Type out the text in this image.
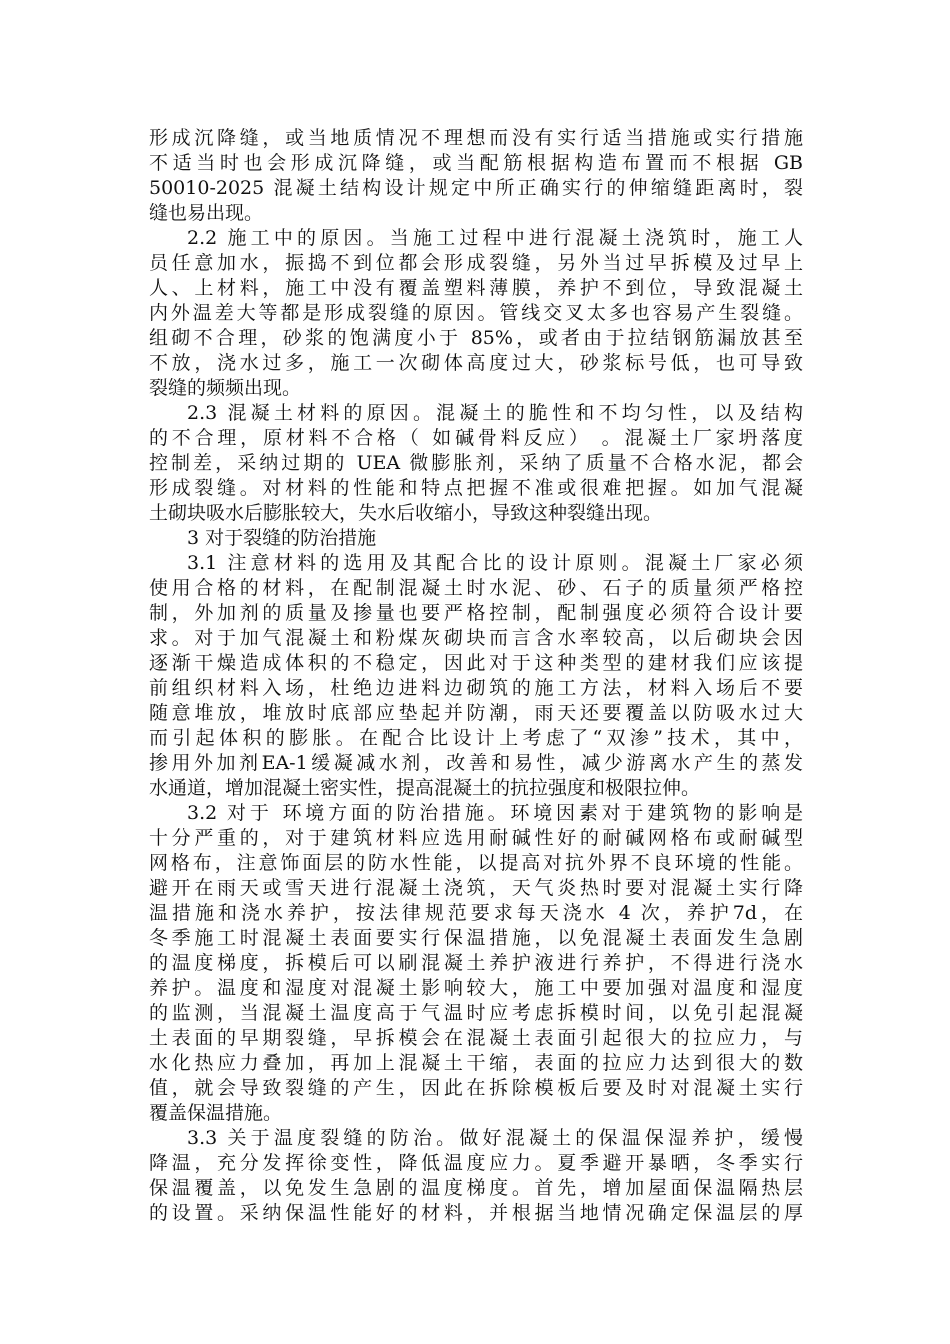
形成沉降缝，或当地质情况不理想而没有实行适当措施或实行措施
不适当时也会形成沉降缝，或当配筋根据构造布置而不根据 GB
50010-2025 混凝土结构设计规定中所正确实行的伸缩缝距离时，裂
缝也易出现。
2.2 施工中的原因。当施工过程中进行混凝土浇筑时，施工人
员任意加水，振捣不到位都会形成裂缝，另外当过早拆模及过早上
人、上材料，施工中没有覆盖塑料薄膜，养护不到位，导致混凝土
内外温差大等都是形成裂缝的原因。管线交叉太多也容易产生裂缝。
组砌不合理，砂浆的饱满度小于 85%，或者由于拉结钢筋漏放甚至
不放，浇水过多，施工一次砌体高度过大，砂浆标号低，也可导致
裂缝的频频出现。
2.3 混凝土材料的原因。混凝土的脆性和不均匀性，以及结构
的不合理，原材料不合格（ 如碱骨料反应） 。混凝土厂家坍落度
控制差，采纳过期的 UEA 微膨胀剂，采纳了质量不合格水泥，都会
形成裂缝。对材料的性能和特点把握不准或很难把握。如加气混凝
土砌块吸水后膨胀较大，失水后收缩小，导致这种裂缝出现。
3 对于裂缝的防治措施
3.1 注意材料的选用及其配合比的设计原则。混凝土厂家必须
使用合格的材料，在配制混凝土时水泥、砂、石子的质量须严格控
制，外加剂的质量及掺量也要严格控制，配制强度必须符合设计要
求。对于加气混凝土和粉煤灰砌块而言含水率较高，以后砌块会因
逐渐干燥造成体积的不稳定，因此对于这种类型的建材我们应该提
前组织材料入场，杜绝边进料边砌筑的施工方法，材料入场后不要
随意堆放，堆放时底部应垫起并防潮，雨天还要覆盖以防吸水过大
而引起体积的膨胀。在配合比设计上考虑了“双渗”技术，其中，
掺用外加剂EA-1缓凝减水剂，改善和易性，减少游离水产生的蒸发
水通道，增加混凝土密实性，提高混凝土的抗拉强度和极限拉伸。
3.2 对于 环境方面的防治措施。环境因素对于建筑物的影响是
十分严重的，对于建筑材料应选用耐碱性好的耐碱网格布或耐碱型
网格布，注意饰面层的防水性能，以提高对抗外界不良环境的性能。
避开在雨天或雪天进行混凝土浇筑，天气炎热时要对混凝土实行降
温措施和浇水养护，按法律规范要求每天浇水 4 次，养护7d，在
冬季施工时混凝土表面要实行保温措施，以免混凝土表面发生急剧
的温度梯度，拆模后可以刷混凝土养护液进行养护，不得进行浇水
养护。温度和湿度对混凝土影响较大，施工中要加强对温度和湿度
的监测，当混凝土温度高于气温时应考虑拆模时间，以免引起混凝
土表面的早期裂缝，早拆模会在混凝土表面引起很大的拉应力，与
水化热应力叠加，再加上混凝土干缩，表面的拉应力达到很大的数
值，就会导致裂缝的产生，因此在拆除模板后要及时对混凝土实行
覆盖保温措施。
3.3 关于温度裂缝的防治。做好混凝土的保温保湿养护，缓慢
降温，充分发挥徐变性，降低温度应力。夏季避开暴晒，冬季实行
保温覆盖，以免发生急剧的温度梯度。首先，增加屋面保温隔热层
的设置。采纳保温性能好的材料，并根据当地情况确定保温层的厚
